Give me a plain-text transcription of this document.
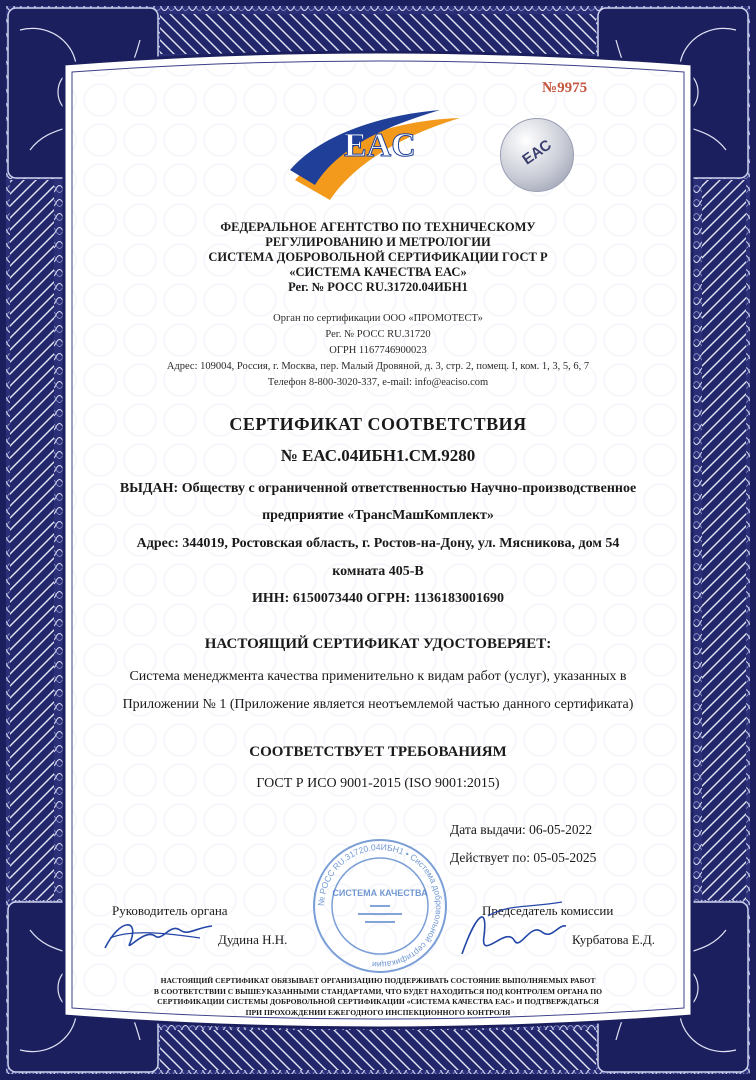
№9975
EAC	ЕАС
ФЕДЕРАЛЬНОЕ АГЕНТСТВО ПО ТЕХНИЧЕСКОМУ
РЕГУЛИРОВАНИЮ И МЕТРОЛОГИИ
СИСТЕМА ДОБРОВОЛЬНОЙ СЕРТИФИКАЦИИ ГОСТ Р
«СИСТЕМА КАЧЕСТВА ЕАС»
Рег. № РОСС RU.31720.04ИБН1
Орган по сертификации ООО «ПРОМОТЕСТ»
Рег. № РОСС RU.31720
ОГРН 1167746900023
Адрес: 109004, Россия, г. Москва, пер. Малый Дровяной, д. 3, стр. 2, помещ. I, ком. 1, 3, 5, 6, 7
Телефон 8-800-3020-337, e-mail: info@eaciso.com
СЕРТИФИКАТ СООТВЕТСТВИЯ
№ ЕАС.04ИБН1.СМ.9280
ВЫДАН: Обществу с ограниченной ответственностью Научно-производственное
предприятие «ТрансМашКомплект»
Адрес: 344019, Ростовская область, г. Ростов-на-Дону, ул. Мясникова, дом 54
комната 405-В
ИНН: 6150073440 ОГРН: 1136183001690
НАСТОЯЩИЙ СЕРТИФИКАТ УДОСТОВЕРЯЕТ:
Система менеджмента качества применительно к видам работ (услуг), указанных в
Приложении № 1 (Приложение является неотъемлемой частью данного сертификата)
СООТВЕТСТВУЕТ ТРЕБОВАНИЯМ
ГОСТ Р ИСО 9001-2015 (ISO 9001:2015)
Дата выдачи: 06-05-2022
Действует по: 05-05-2025
№ РОСС RU.31720.04ИБН1 • Система добровольной сертификации
СИСТЕМА КАЧЕСТВА
Руководитель органа
Дудина Н.Н.
Председатель комиссии
Курбатова Е.Д.
НАСТОЯЩИЙ СЕРТИФИКАТ ОБЯЗЫВАЕТ ОРГАНИЗАЦИЮ ПОДДЕРЖИВАТЬ СОСТОЯНИЕ ВЫПОЛНЯЕМЫХ РАБОТ
В СООТВЕТСТВИИ С ВЫШЕУКАЗАННЫМИ СТАНДАРТАМИ, ЧТО БУДЕТ НАХОДИТЬСЯ ПОД КОНТРОЛЕМ ОРГАНА ПО
СЕРТИФИКАЦИИ СИСТЕМЫ ДОБРОВОЛЬНОЙ СЕРТИФИКАЦИИ «СИСТЕМА КАЧЕСТВА ЕАС» И ПОДТВЕРЖДАТЬСЯ
ПРИ ПРОХОЖДЕНИИ ЕЖЕГОДНОГО ИНСПЕКЦИОННОГО КОНТРОЛЯ
